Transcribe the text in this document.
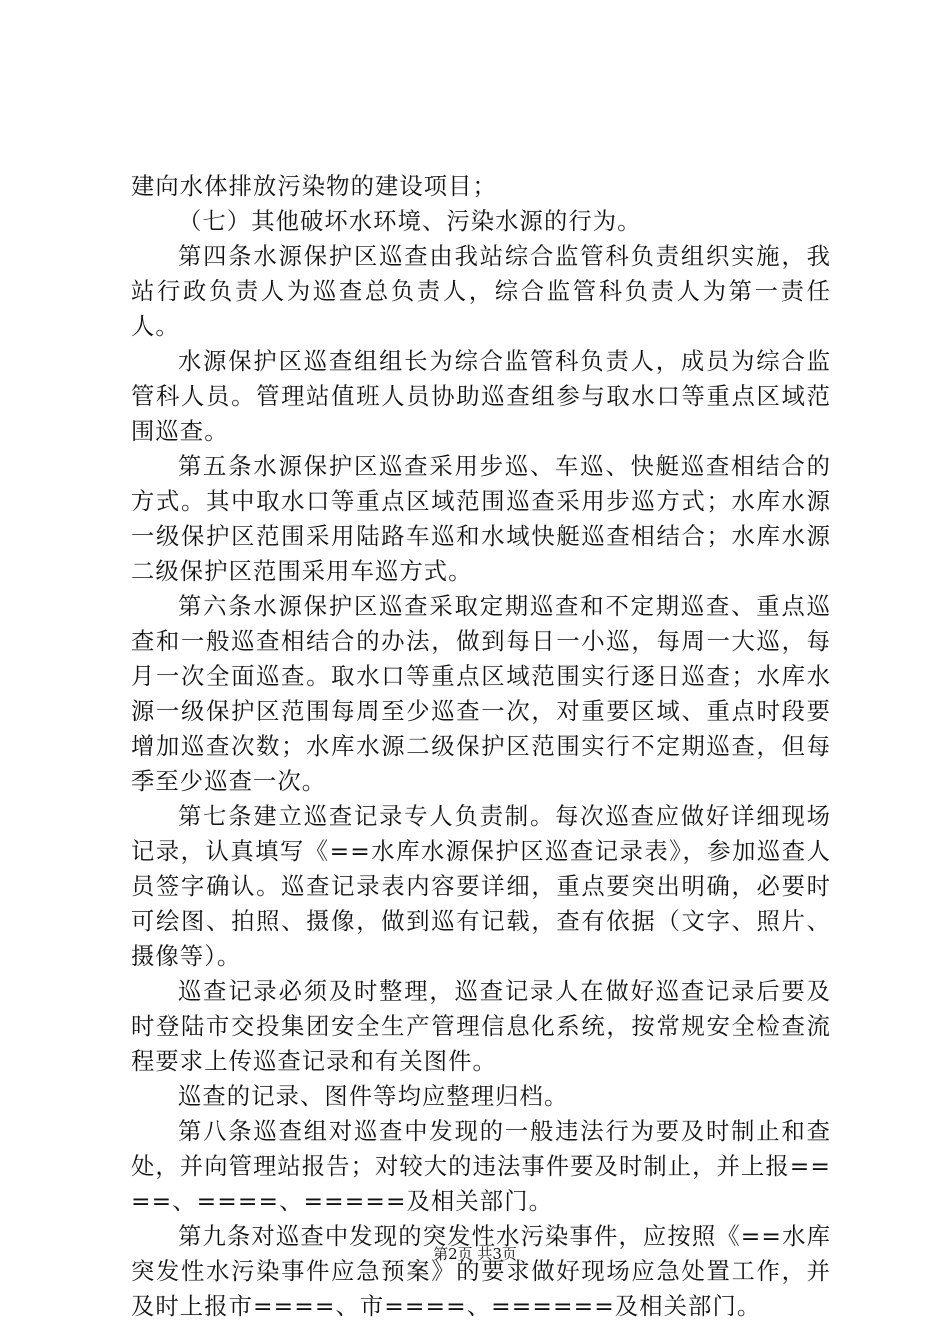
建向水体排放污染物的建设项目；

（七）其他破坏水环境、污染水源的行为。

第四条水源保护区巡查由我站综合监管科负责组织实施，我站行政负责人为巡查总负责人，综合监管科负责人为第一责任人。

水源保护区巡查组组长为综合监管科负责人，成员为综合监管科人员。管理站值班人员协助巡查组参与取水口等重点区域范围巡查。

第五条水源保护区巡查采用步巡、车巡、快艇巡查相结合的方式。其中取水口等重点区域范围巡查采用步巡方式；水库水源一级保护区范围采用陆路车巡和水域快艇巡查相结合；水库水源二级保护区范围采用车巡方式。

第六条水源保护区巡查采取定期巡查和不定期巡查、重点巡查和一般巡查相结合的办法，做到每日一小巡，每周一大巡，每月一次全面巡查。取水口等重点区域范围实行逐日巡查；水库水源一级保护区范围每周至少巡查一次，对重要区域、重点时段要增加巡查次数；水库水源二级保护区范围实行不定期巡查，但每季至少巡查一次。

第七条建立巡查记录专人负责制。每次巡查应做好详细现场记录，认真填写《==水库水源保护区巡查记录表》，参加巡查人员签字确认。巡查记录表内容要详细，重点要突出明确，必要时可绘图、拍照、摄像，做到巡有记载，查有依据（文字、照片、摄像等）。

巡查记录必须及时整理，巡查记录人在做好巡查记录后要及时登陆市交投集团安全生产管理信息化系统，按常规安全检查流程要求上传巡查记录和有关图件。

巡查的记录、图件等均应整理归档。

第八条巡查组对巡查中发现的一般违法行为要及时制止和查处，并向管理站报告；对较大的违法事件要及时制止，并上报====、====、=====及相关部门。

第九条对巡查中发现的突发性水污染事件，应按照《==水库突发性水污染事件应急预案》的要求做好现场应急处置工作，并及时上报市====、市====、======及相关部门。

第2页 共3页
